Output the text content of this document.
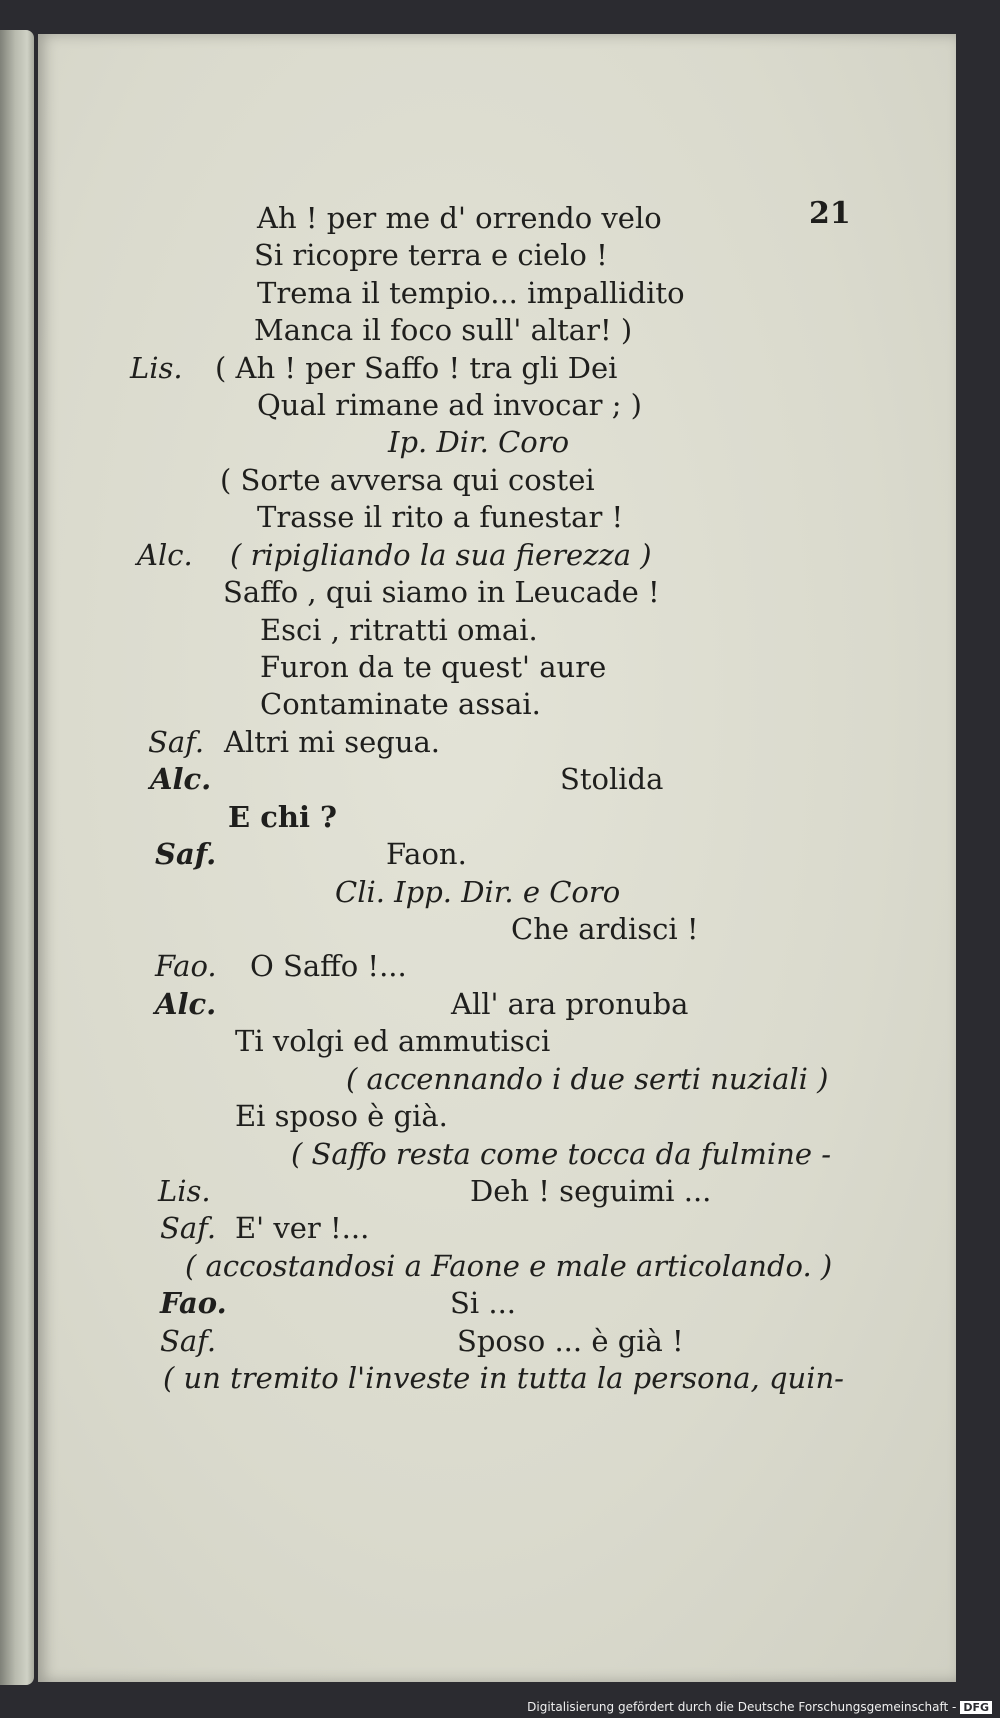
21
Ah ! per me d' orrendo velo
Si ricopre terra e cielo !
Trema il tempio... impallidito
Manca il foco sull' altar! )
Lis. ( Ah ! per Saffo ! tra gli Dei
Qual rimane ad invocar ; )
Ip. Dir. Coro
( Sorte avversa qui costei
Trasse il rito a funestar !
Alc. ( ripigliando la sua fierezza )
Saffo , qui siamo in Leucade !
Esci , ritratti omai.
Furon da te quest' aure
Contaminate assai.
Saf. Altri mi segua.
Alc.	Stolida
E chi ?
Saf.	Faon.
Cli. Ipp. Dir. e Coro
Che ardisci !
Fao. O Saffo !...
Alc.	All' ara pronuba
Ti volgi ed ammutisci
( accennando i due serti nuziali )
Ei sposo è già.
( Saffo resta come tocca da fulmine -
Lis.	Deh ! seguimi ...
Saf. E' ver !...
( accostandosi a Faone e male articolando. )
Fao.	Si ...
Saf.	Sposo ... è già !
( un tremito l'investe in tutta la persona, quin-
Digitalisierung gefördert durch die Deutsche Forschungsgemeinschaft - DFG
